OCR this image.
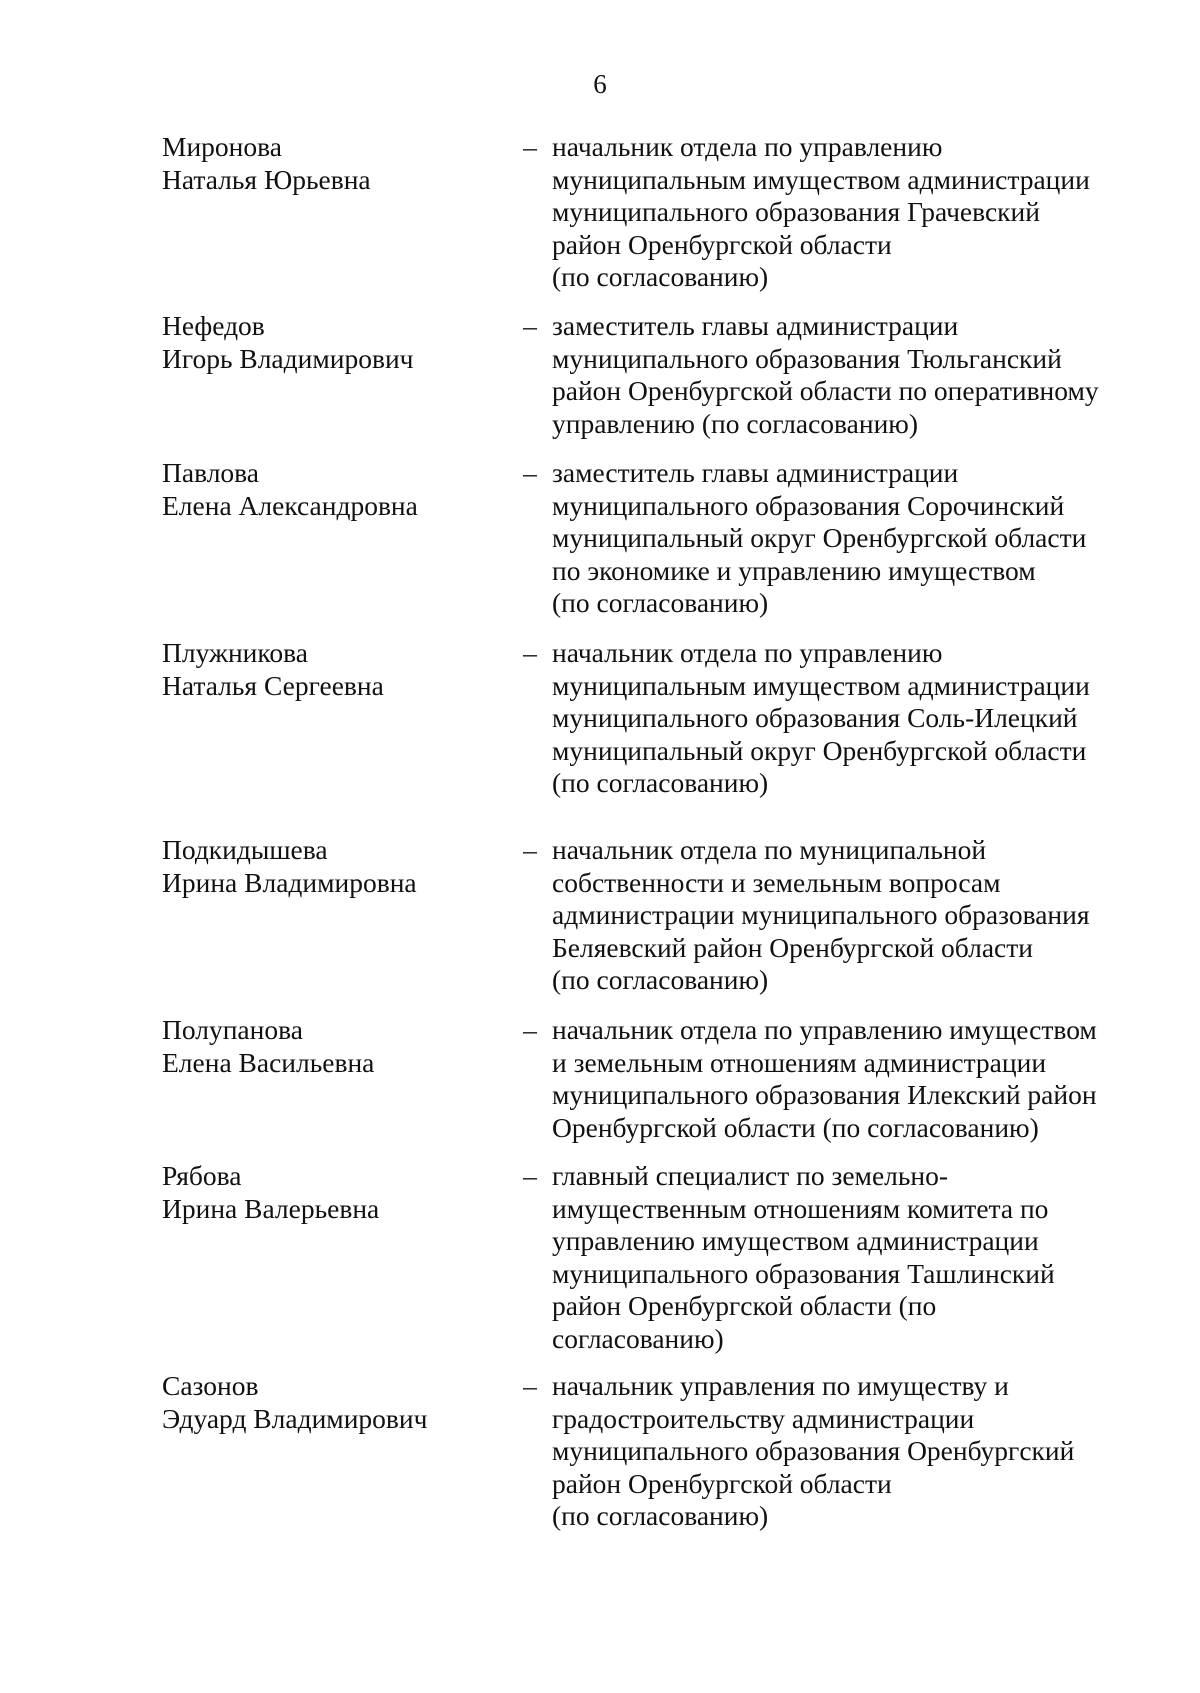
6
Миронова
Наталья Юрьевна
– начальник отдела по управлению
муниципальным имуществом администрации
муниципального образования Грачевский
район Оренбургской области
(по согласованию)
Нефедов
Игорь Владимирович
– заместитель главы администрации
муниципального образования Тюльганский
район Оренбургской области по оперативному
управлению (по согласованию)
Павлова
Елена Александровна
– заместитель главы администрации
муниципального образования Сорочинский
муниципальный округ Оренбургской области
по экономике и управлению имуществом
(по согласованию)
Плужникова
Наталья Сергеевна
– начальник отдела по управлению
муниципальным имуществом администрации
муниципального образования Соль-Илецкий
муниципальный округ Оренбургской области
(по согласованию)
Подкидышева
Ирина Владимировна
– начальник отдела по муниципальной
собственности и земельным вопросам
администрации муниципального образования
Беляевский район Оренбургской области
(по согласованию)
Полупанова
Елена Васильевна
– начальник отдела по управлению имуществом
и земельным отношениям администрации
муниципального образования Илекский район
Оренбургской области (по согласованию)
Рябова
Ирина Валерьевна
– главный специалист по земельно-
имущественным отношениям комитета по
управлению имуществом администрации
муниципального образования Ташлинский
район Оренбургской области (по
согласованию)
Сазонов
Эдуард Владимирович
– начальник управления по имуществу и
градостроительству администрации
муниципального образования Оренбургский
район Оренбургской области
(по согласованию)
